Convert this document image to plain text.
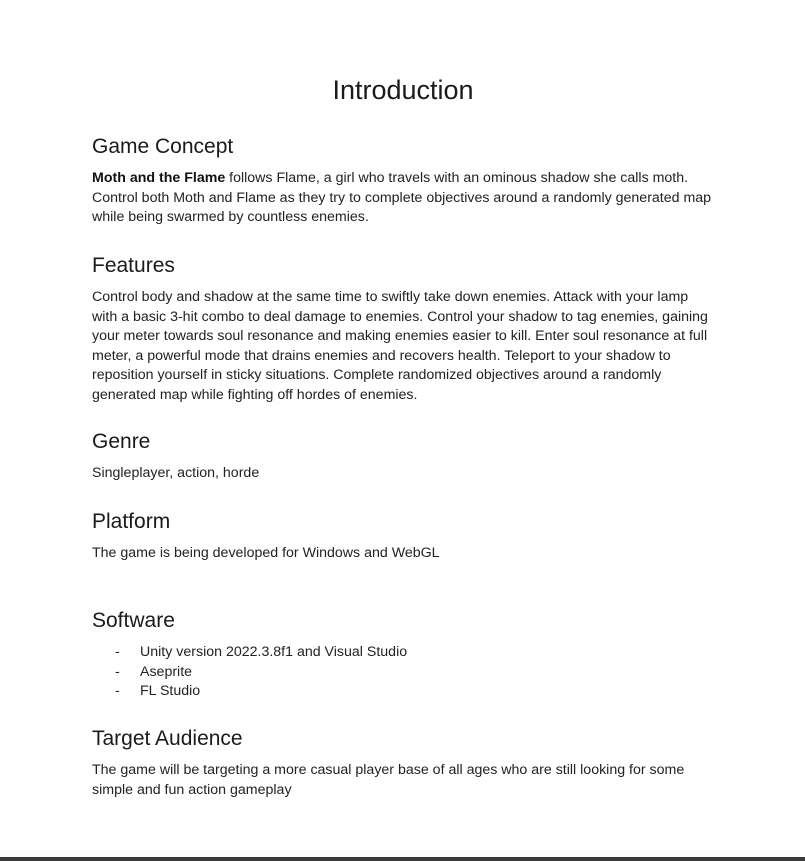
Introduction
Game Concept

Moth and the Flame follows Flame, a girl who travels with an ominous shadow she calls moth. Control both Moth and Flame as they try to complete objectives around a randomly generated map while being swarmed by countless enemies.

Features

Control body and shadow at the same time to swiftly take down enemies. Attack with your lamp with a basic 3-hit combo to deal damage to enemies. Control your shadow to tag enemies, gaining your meter towards soul resonance and making enemies easier to kill. Enter soul resonance at full meter, a powerful mode that drains enemies and recovers health. Teleport to your shadow to reposition yourself in sticky situations. Complete randomized objectives around a randomly generated map while fighting off hordes of enemies.

Genre

Singleplayer, action, horde

Platform

The game is being developed for Windows and WebGL

Software
- Unity version 2022.3.8f1 and Visual Studio
- Aseprite
- FL Studio
Target Audience

The game will be targeting a more casual player base of all ages who are still looking for some simple and fun action gameplay
